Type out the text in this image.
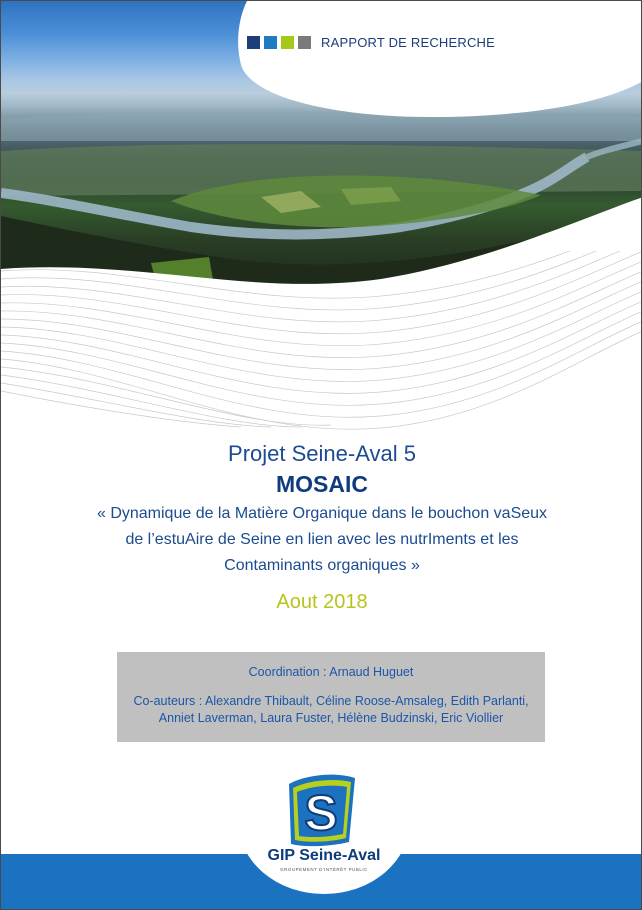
RAPPORT DE RECHERCHE
Projet Seine-Aval 5
MOSAIC
« Dynamique de la Matière Organique dans le bouchon vaSeux
de l’estuAire de Seine en lien avec les nutrIments et les
Contaminants organiques »
Aout 2018
Coordination : Arnaud Huguet
Co-auteurs : Alexandre Thibault, Céline Roose-Amsaleg, Edith Parlanti, Anniet Laverman, Laura Fuster, Hélène Budzinski, Eric Viollier
S
GIP Seine-Aval
GROUPEMENT D'INTÉRÊT PUBLIC
